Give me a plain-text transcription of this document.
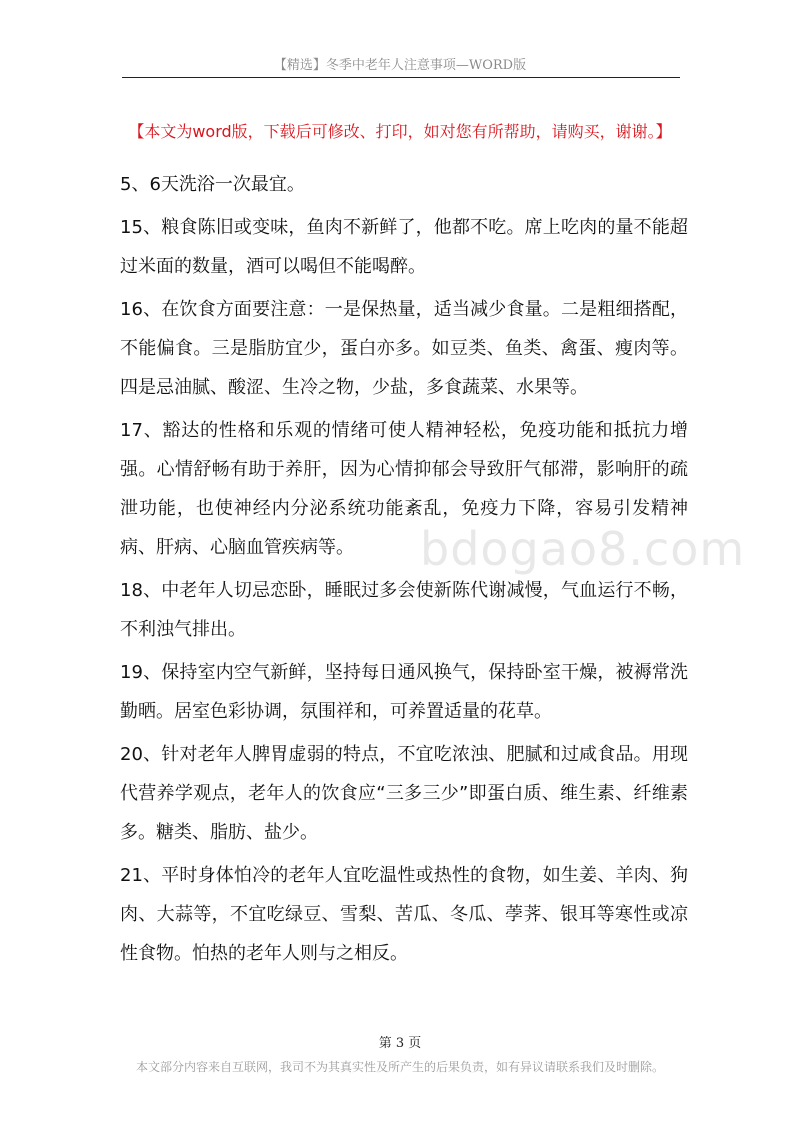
【精选】冬季中老年人注意事项—WORD版
【本文为word版，下载后可修改、打印，如对您有所帮助，请购买，谢谢。】

5、6天洗浴一次最宜。

15、粮食陈旧或变味，鱼肉不新鲜了，他都不吃。席上吃肉的量不能超过米面的数量，酒可以喝但不能喝醉。

16、在饮食方面要注意：一是保热量，适当减少食量。二是粗细搭配，不能偏食。三是脂肪宜少，蛋白亦多。如豆类、鱼类、禽蛋、瘦肉等。四是忌油腻、酸涩、生冷之物，少盐，多食蔬菜、水果等。

17、豁达的性格和乐观的情绪可使人精神轻松，免疫功能和抵抗力增强。心情舒畅有助于养肝，因为心情抑郁会导致肝气郁滞，影响肝的疏泄功能，也使神经内分泌系统功能紊乱，免疫力下降，容易引发精神病、肝病、心脑血管疾病等。

18、中老年人切忌恋卧，睡眠过多会使新陈代谢减慢，气血运行不畅，不利浊气排出。

19、保持室内空气新鲜，坚持每日通风换气，保持卧室干燥，被褥常洗勤晒。居室色彩协调，氛围祥和，可养置适量的花草。

20、针对老年人脾胃虚弱的特点，不宜吃浓浊、肥腻和过咸食品。用现代营养学观点，老年人的饮食应“三多三少”即蛋白质、维生素、纤维素多。糖类、脂肪、盐少。

21、平时身体怕冷的老年人宜吃温性或热性的食物，如生姜、羊肉、狗肉、大蒜等，不宜吃绿豆、雪梨、苦瓜、冬瓜、荸荠、银耳等寒性或凉性食物。怕热的老年人则与之相反。

bdogao8.com
第 3 页
本文部分内容来自互联网，我司不为其真实性及所产生的后果负责，如有异议请联系我们及时删除。
